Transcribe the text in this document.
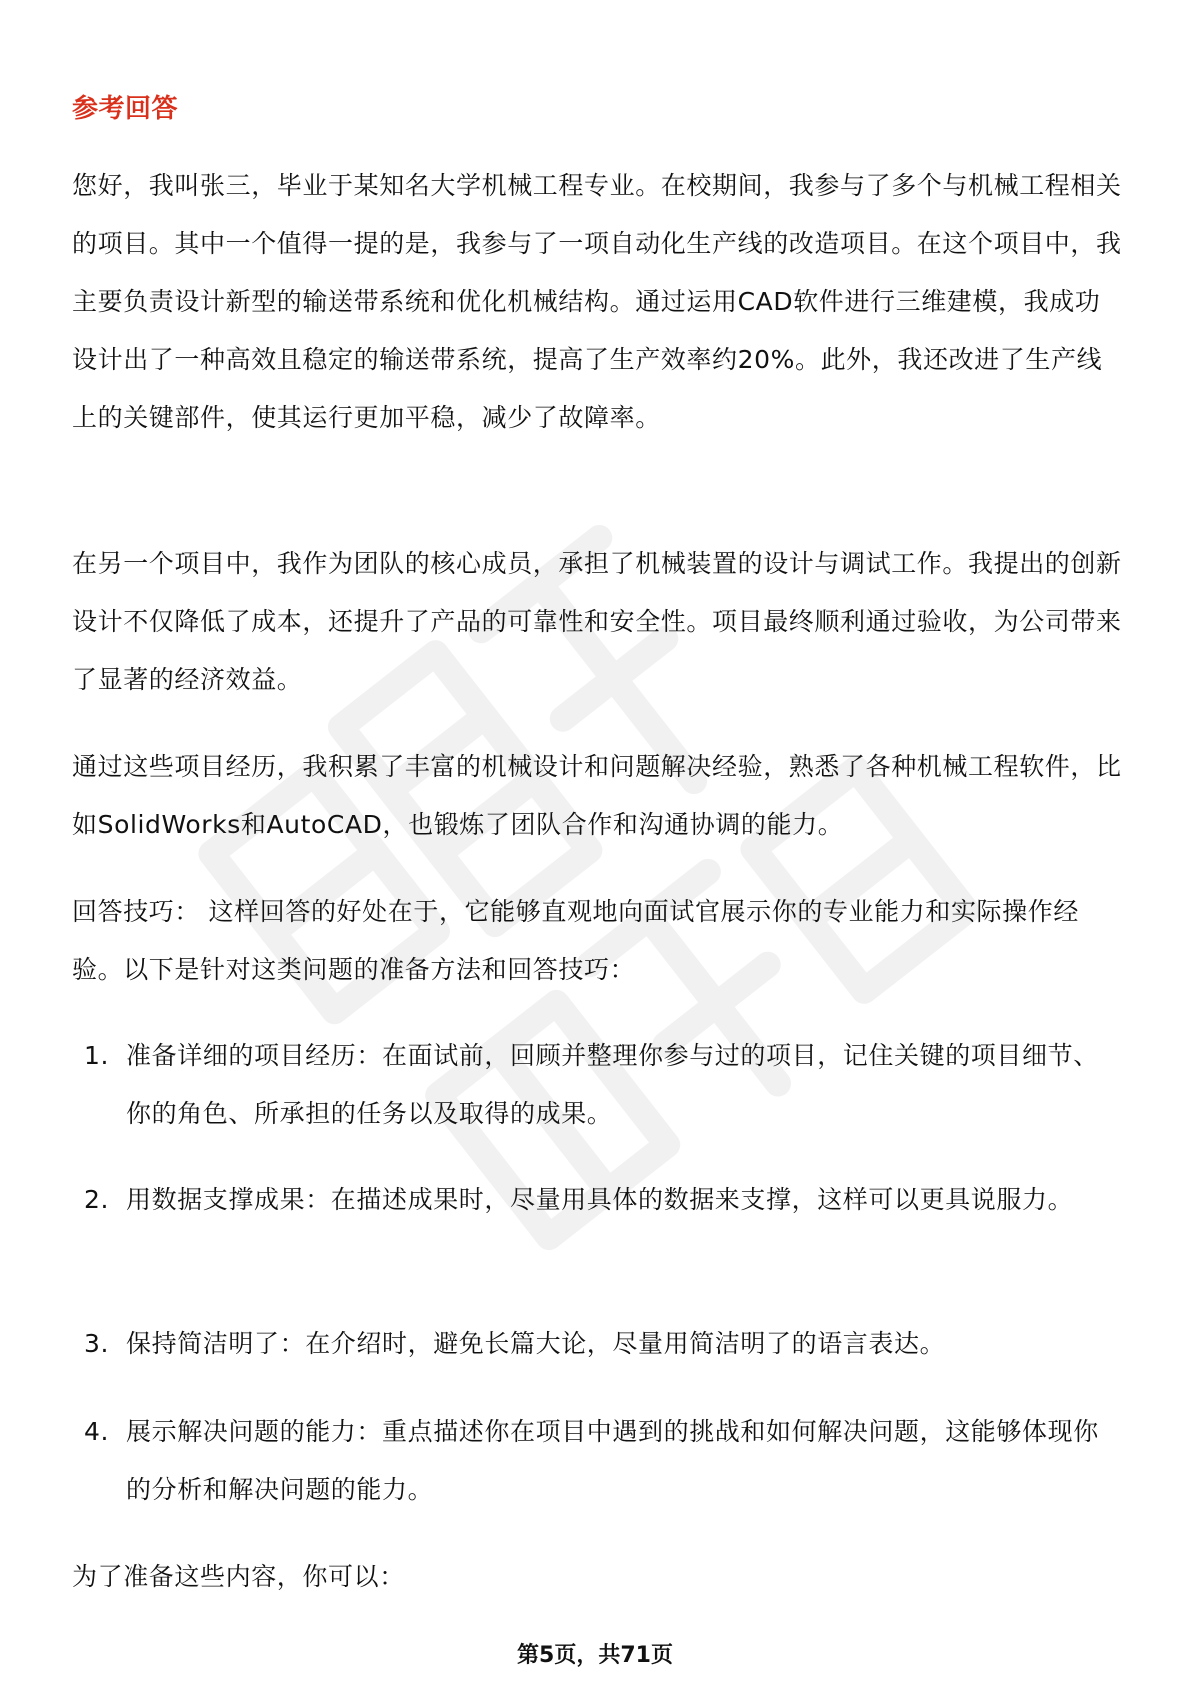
参考回答

您好，我叫张三，毕业于某知名大学机械工程专业。在校期间，我参与了多个与机械工程相关的项目。其中一个值得一提的是，我参与了一项自动化生产线的改造项目。在这个项目中，我主要负责设计新型的输送带系统和优化机械结构。通过运用CAD软件进行三维建模，我成功设计出了一种高效且稳定的输送带系统，提高了生产效率约20%。此外，我还改进了生产线上的关键部件，使其运行更加平稳，减少了故障率。

在另一个项目中，我作为团队的核心成员，承担了机械装置的设计与调试工作。我提出的创新设计不仅降低了成本，还提升了产品的可靠性和安全性。项目最终顺利通过验收，为公司带来了显著的经济效益。

通过这些项目经历，我积累了丰富的机械设计和问题解决经验，熟悉了各种机械工程软件，比如SolidWorks和AutoCAD，也锻炼了团队合作和沟通协调的能力。

回答技巧： 这样回答的好处在于，它能够直观地向面试官展示你的专业能力和实际操作经验。以下是针对这类问题的准备方法和回答技巧：

1. 准备详细的项目经历：在面试前，回顾并整理你参与过的项目，记住关键的项目细节、你的角色、所承担的任务以及取得的成果。
2. 用数据支撑成果：在描述成果时，尽量用具体的数据来支撑，这样可以更具说服力。
3. 保持简洁明了：在介绍时，避免长篇大论，尽量用简洁明了的语言表达。
4. 展示解决问题的能力：重点描述你在项目中遇到的挑战和如何解决问题，这能够体现你的分析和解决问题的能力。

为了准备这些内容，你可以：

第5页，共71页
